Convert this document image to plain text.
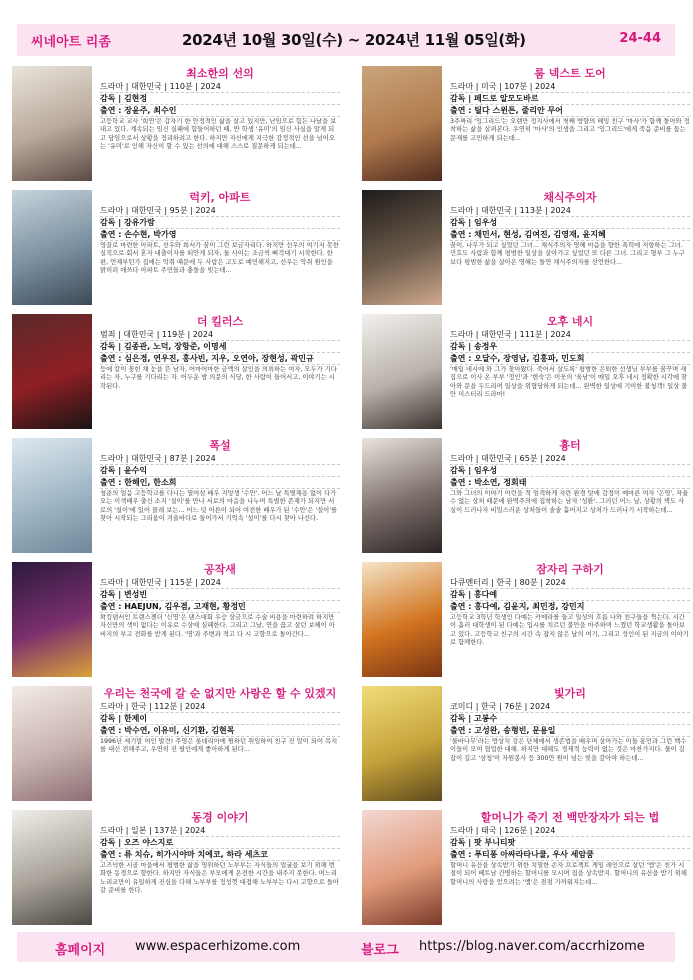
씨네아트 리좀	2024년 10월 30일(수) ~ 2024년 11월 05일(화)	24-44
최소한의 선의
드라마 | 대한민국 | 110분 | 2024
감독 | 김현정
출연 : 장윤주, 최수인
고등학교 교사 '희연'은 갑자기 한 안정적인 삶을 살고 있지만, 난임으로 힘든 나날을 보내고 있다. 계속되는 임신 실패에 힘들어하던 때, 반 학생 '유미'의 임신 사실을 알게 되고 담임으로서 상황을 정리하려고 한다. 하지만 자신에게 지극한 감정적인 선을 넘어오는 '유미'로 인해 자신이 할 수 있는 선의에 대해 스스로 질문하게 되는데...
럭키, 아파트
드라마 | 대한민국 | 95분 | 2024
감독 | 강유가람
출연 : 손수현, 박가영
영끌로 마련한 아파트, 선우와 희서가 꿈이 그린 보금자리다. 하지만 선우의 여기저 못한 실직으로 회서 혼자 대출이자를 떠안게 되자, 둘 사이는 조금씩 삐걱대기 시작한다. 한편, 언제부턴가 집에는 악취 때문에 두 사람은 고도로 예민해지고, 선우는 악취 원인을 밝히려 애쓰다 아파트 주민들과 충돌을 빚는데...
더 킬러스
범죄 | 대한민국 | 119분 | 2024
감독 | 김종관, 노덕, 장항준, 이명세
출연 : 심은경, 연우진, 홍사빈, 지우, 오연아, 장현성, 곽민규
등에 칼이 꽂힌 채 눈을 뜬 남자, 어마어마한 금액의 살인을 의뢰하는 여자, 모두가 기다리는 자, 누구를 기다리는 자. 어두운 밤 의문의 식당, 한 사람이 들어서고, 이야기는 시작된다.
폭설
드라마 | 대한민국 | 87분 | 2024
감독 | 윤수익
출연 : 한해인, 한소희
청춘의 얼음 고등학교를 다니는 열여섬 배우 지망생 '수안'. 어느 날 특별채용 없이 다가오는 이색배우 출신 소지 '설이'를 만나 서로의 마음을 나누며 특별한 존재가 되지만 서로의 '설이'에 있어 몰래 보는... 어느 덧 어른이 되어 여전한 배우가 된 '수안'은 '설이'를 찾아 시작되는 그리움이 겨울바다로 들어가서 기억속 '설이'를 다시 찾아 나선다.
공작새
드라마 | 대한민국 | 115분 | 2024
감독 | 변성빈
출연 : HAEJUN, 김우겸, 고재현, 황정민
왁킹댄서인 트랜스젠더 '신명'은 댄스대회 우승 상금으로 수술 비용을 마련하려 하지만 자신만의 색이 없다는 이유로 수상에 실패한다. 그리고 그날, 연을 끊고 살던 보헤이 아버지의 부고 전화를 받게 된다. '명'과 주변과 적고 다 시 고향으로 돌아간다...
우리는 천국에 갈 순 없지만 사랑은 할 수 있겠지
드라마 | 한국 | 112분 | 2024
감독 | 한제이
출연 : 박수연, 이유미, 신기환, 김현목
1996년 세기말 여인 발견! 주영은 롯데리아에 원하던 취임하여 친구 진 말이 되어 복지를 대신 전해주고, 우연히 진 필인에게 좋아하게 된다...
동경 이야기
드라마 | 일본 | 137분 | 2024
감독 | 오즈 야스지로
출연 : 류 치슈, 히가시야마 치에코, 하라 세츠코
고즈넉한 시골 마을에서 평범한 삶을 영위하던 노부부는 자식들의 얼굴을 보기 위해 번화한 동경으로 향한다. 하지만 자식들은 부모에게 온전한 시간을 내주지 못한다. 며느리 노리코만이 유일하게 진심을 다해 노부부를 정성껏 대접해 노부부는 다시 고향으로 돌아갈 준비를 한다.
룸 넥스트 도어
드라마 | 미국 | 107분 | 2024
감독 | 페드로 알모도바르
출연 : 틸다 스윈튼, 줄리안 무어
3주짜리 '잉그리드'는 오랜만 정지사에서 첫째 방향의 헤밍 친구 '마사'가 함께 돌아와 정착하는 삶을 살펴본다. 우연히 '마사'의 인생을 그리고 '잉그리드'에게 죽음 준비를 돕는 문제를 고민하게 되는데...
채식주의자
드라마 | 대한민국 | 113분 | 2024
감독 | 임우성
출연 : 채민서, 현성, 김여진, 김영재, 윤지혜
꿈이, 나무가 되고 싶었던 그녀... 채식주의자 영혜 마음을 향한 폭력에 저항하는 그녀. 민호도 사람과 함께 평범한 일상을 살아가고 싶었던 또 다른 그녀. 그리고 형부 그 누구보다 평범한 삶을 살아온 영혜는 돌연 채식주의자를 선언한다...
오후 네시
드라마 | 대한민국 | 111분 | 2024
감독 | 송정우
출연 : 오달수, 장영남, 김홍파, 민도희
'매일 네시에 와 그가 찾아왔다. 죽어서 살도록' 평범한 은퇴한 선생님 부부를 꿈꾸며 새 집으로 이사 온 부부 '정인'과 '현숙'은 이웃의 '육남'이 매일 오후 네시 정확한 시각에 찾아와 문을 두드리며 일상을 위협당하게 되는데... 완벽한 일상에 기이한 불청객! 일상 불안 미스터리 드라마!
흉터
드라마 | 대한민국 | 65분 | 2024
감독 | 임우성
출연 : 박소연, 정회태
그와 그녀의 이야기 어린을 적 엄격하게 자란 환경 탓에 감정이 메마른 여자 '은영', 자율 수 없는 상처 때문에 완벽주의에 집착하는 남자 '성환'. 그러던 어느 날, 상황의 벽도 사실이 드러나자 비밀스러운 상처들이 솔솔 흩어지고 상처가 드러나기 시작하는데...
잠자리 구하기
다큐멘터리 | 한국 | 80분 | 2024
감독 | 홍다예
출연 : 홍다예, 김윤지, 최민정, 강민지
고등학교 3학년 학생인 다예는 카메라를 들고 일상의 흐름 나와 친구들을 찍는다. 시간이 흘러 대학생이 된 다예는 입시를 치르던 불안을 마주하며 느꼈던 학교생활을 돌아보고 있다. 고등학교 친구의 시간 속 잡지 않은 날의 여기, 그리고 성인이 된 지금의 이야기로 함께한다.
빛가리
코미디 | 한국 | 76분 | 2024
감독 | 고봉수
출연 : 고성완, 송형빈, 문용일
'물바나무'라는 방상치 강은 단체에서 생존법을 배우며 살아가는 이들 홍민과 그런 백수 이들이 모여 협업한 대해. 하지만 대해도 경제적 능력이 없는 것은 마찬가지다. 물이 길잡이 길고 '삼청'이 자원봉사 등 300만 원이 넘는 빚을 갚아야 하는데...
할머니가 죽기 전 백만장자가 되는 법
드라마 | 태국 | 126분 | 2024
감독 | 팟 부니티팟
출연 : 푸티퐁 아싸라타나쿨, 우사 세암쿰
할머니 유산을 상속받기 위한 치열한 손자 프로젝트 게임 레인으로 살던 '엠'은 친가 시절이 되어 베트남 간병하는 할머니를 모시며 집을 상속받지. 할머니의 유산을 받기 위해 할머니의 사랑을 얻으려는 '엠'은 점점 가까워지는데...
홈페이지 www.espacerhizome.com	블로그 https://blog.naver.com/accrhizome
